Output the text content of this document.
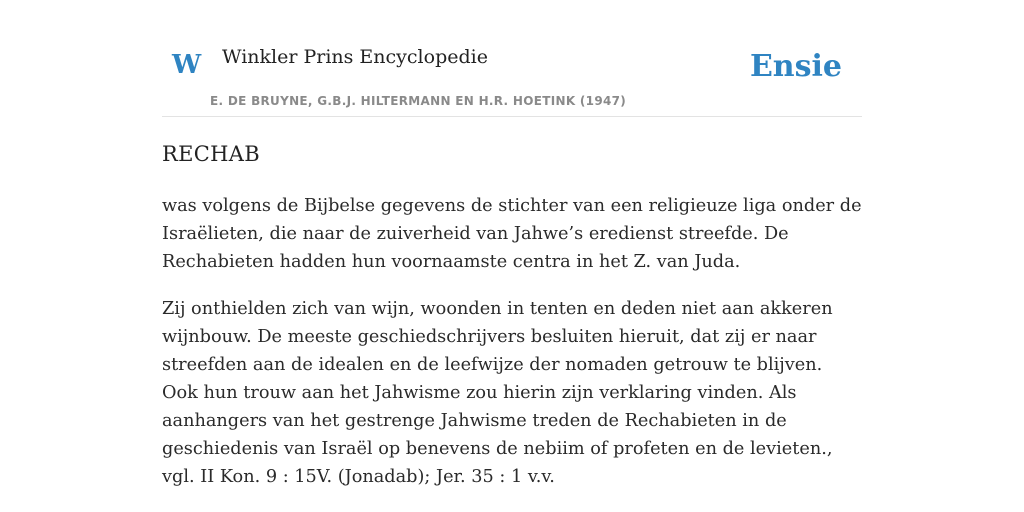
W Winkler Prins Encyclopedie
E. DE BRUYNE, G.B.J. HILTERMANN EN H.R. HOETINK (1947)
Ensie
RECHAB

was volgens de Bijbelse gegevens de stichter van een religieuze liga onder de Israëlieten, die naar de zuiverheid van Jahwe’s eredienst streefde. De Rechabieten hadden hun voornaamste centra in het Z. van Juda.

Zij onthielden zich van wijn, woonden in tenten en deden niet aan akkeren wijnbouw. De meeste geschiedschrijvers besluiten hieruit, dat zij er naar streefden aan de idealen en de leefwijze der nomaden getrouw te blijven. Ook hun trouw aan het Jahwisme zou hierin zijn verklaring vinden. Als aanhangers van het gestrenge Jahwisme treden de Rechabieten in de geschiedenis van Israël op benevens de nebiim of profeten en de levieten., vgl. II Kon. 9 : 15V. (Jonadab); Jer. 35 : 1 v.v.
